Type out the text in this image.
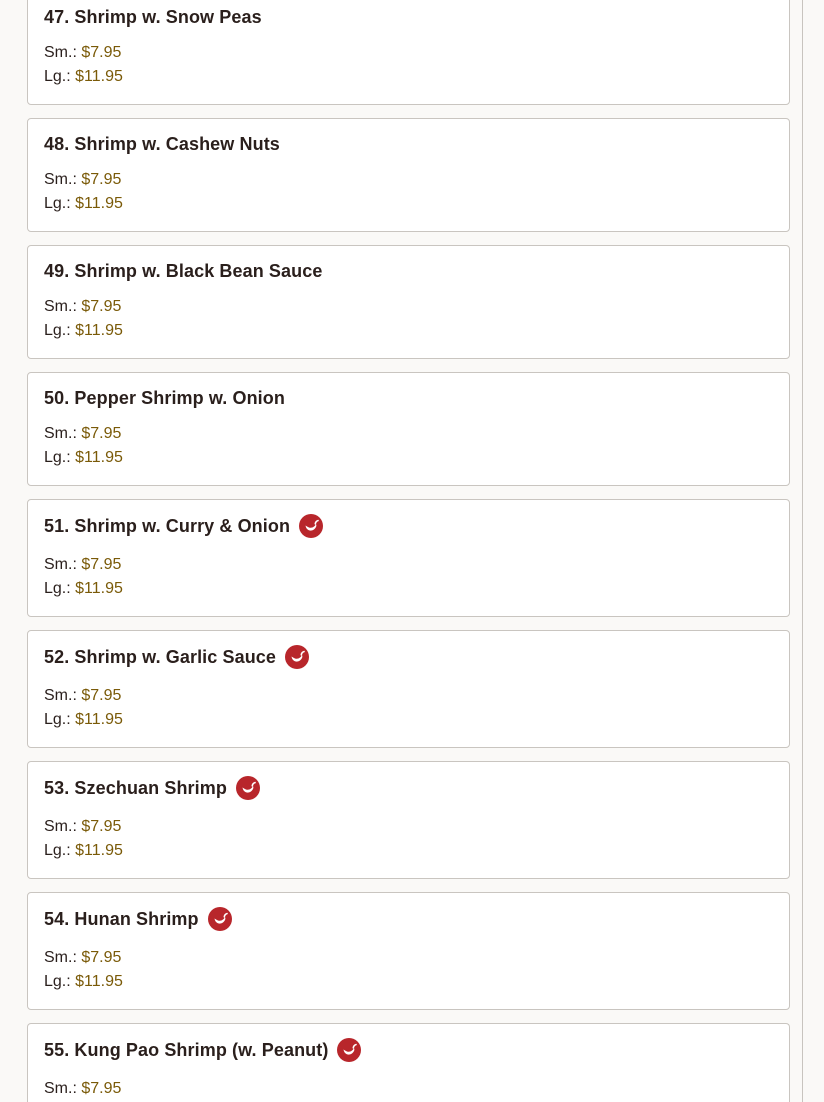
47. Shrimp w. Snow Peas
Sm.: $7.95
Lg.: $11.95
48. Shrimp w. Cashew Nuts
Sm.: $7.95
Lg.: $11.95
49. Shrimp w. Black Bean Sauce
Sm.: $7.95
Lg.: $11.95
50. Pepper Shrimp w. Onion
Sm.: $7.95
Lg.: $11.95
51. Shrimp w. Curry & Onion
Sm.: $7.95
Lg.: $11.95
52. Shrimp w. Garlic Sauce
Sm.: $7.95
Lg.: $11.95
53. Szechuan Shrimp
Sm.: $7.95
Lg.: $11.95
54. Hunan Shrimp
Sm.: $7.95
Lg.: $11.95
55. Kung Pao Shrimp (w. Peanut)
Sm.: $7.95
